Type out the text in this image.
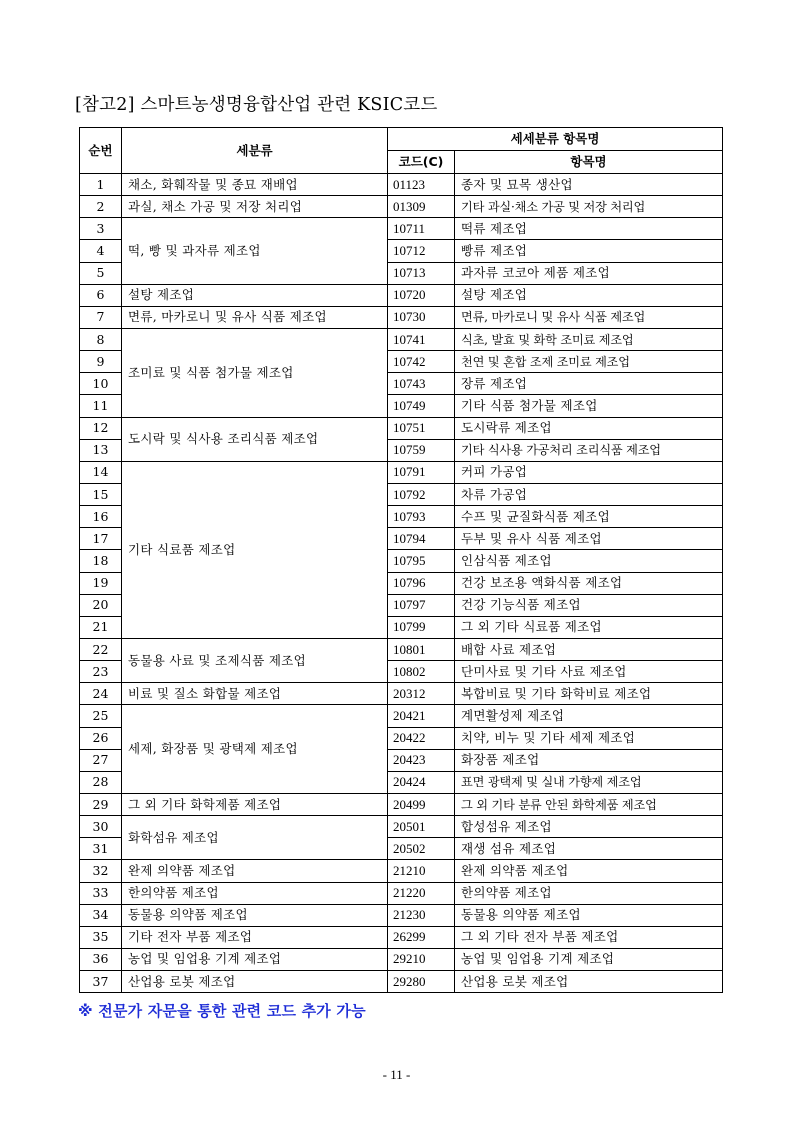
[참고2] 스마트농생명융합산업 관련 KSIC코드
순번	세분류	세세분류 항목명	
		코드(C)	항목명
1	채소, 화훼작물 및 종묘 재배업	01123	종자 및 묘목 생산업
2	과실, 채소 가공 및 저장 처리업	01309	기타 과실·채소 가공 및 저장 처리업
3	떡, 빵 및 과자류 제조업	10711	떡류 제조업
4		10712	빵류 제조업
5		10713	과자류 코코아 제품 제조업
6	설탕 제조업	10720	설탕 제조업
7	면류, 마카로니 및 유사 식품 제조업	10730	면류, 마카로니 및 유사 식품 제조업
8	조미료 및 식품 첨가물 제조업	10741	식초, 발효 및 화학 조미료 제조업
9		10742	천연 및 혼합 조제 조미료 제조업
10		10743	장류 제조업
11		10749	기타 식품 첨가물 제조업
12	도시락 및 식사용 조리식품 제조업	10751	도시락류 제조업
13		10759	기타 식사용 가공처리 조리식품 제조업
14	기타 식료품 제조업	10791	커피 가공업
15		10792	차류 가공업
16		10793	수프 및 균질화식품 제조업
17		10794	두부 및 유사 식품 제조업
18		10795	인삼식품 제조업
19		10796	건강 보조용 액화식품 제조업
20		10797	건강 기능식품 제조업
21		10799	그 외 기타 식료품 제조업
22	동물용 사료 및 조제식품 제조업	10801	배합 사료 제조업
23		10802	단미사료 및 기타 사료 제조업
24	비료 및 질소 화합물 제조업	20312	복합비료 및 기타 화학비료 제조업
25	세제, 화장품 및 광택제 제조업	20421	계면활성제 제조업
26		20422	치약, 비누 및 기타 세제 제조업
27		20423	화장품 제조업
28		20424	표면 광택제 및 실내 가향제 제조업
29	그 외 기타 화학제품 제조업	20499	그 외 기타 분류 안된 화학제품 제조업
30	화학섬유 제조업	20501	합성섬유 제조업
31		20502	재생 섬유 제조업
32	완제 의약품 제조업	21210	완제 의약품 제조업
33	한의약품 제조업	21220	한의약품 제조업
34	동물용 의약품 제조업	21230	동물용 의약품 제조업
35	기타 전자 부품 제조업	26299	그 외 기타 전자 부품 제조업
36	농업 및 임업용 기계 제조업	29210	농업 및 임업용 기계 제조업
37	산업용 로봇 제조업	29280	산업용 로봇 제조업
※ 전문가 자문을 통한 관련 코드 추가 가능
- 11 -
